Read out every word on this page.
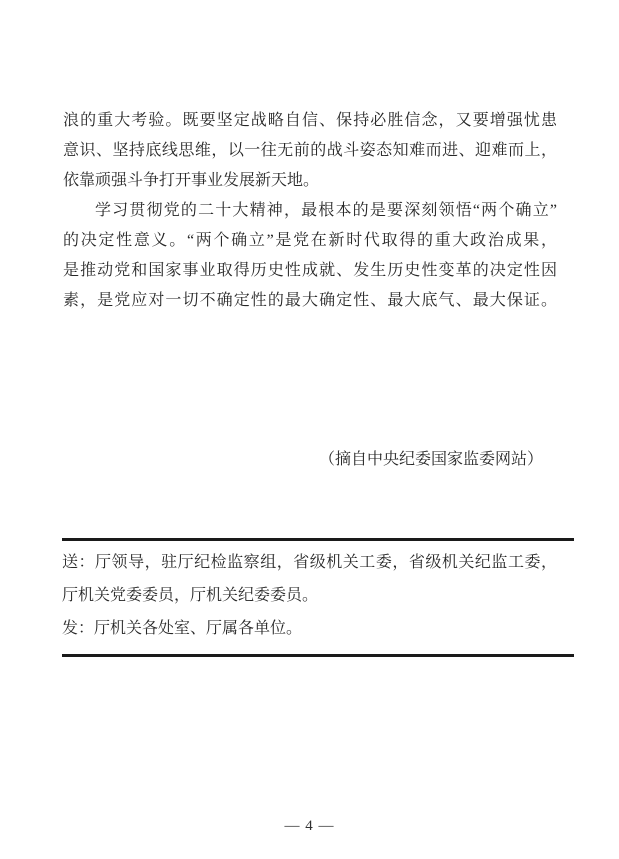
浪的重大考验。既要坚定战略自信、保持必胜信念，又要增强忧患
意识、坚持底线思维，以一往无前的战斗姿态知难而进、迎难而上，
依靠顽强斗争打开事业发展新天地。
学习贯彻党的二十大精神，最根本的是要深刻领悟“两个确立”
的决定性意义。“两个确立”是党在新时代取得的重大政治成果，
是推动党和国家事业取得历史性成就、发生历史性变革的决定性因
素，是党应对一切不确定性的最大确定性、最大底气、最大保证。
（摘自中央纪委国家监委网站）
送：厅领导，驻厅纪检监察组，省级机关工委，省级机关纪监工委，
厅机关党委委员，厅机关纪委委员。
发：厅机关各处室、厅属各单位。
— 4 —
